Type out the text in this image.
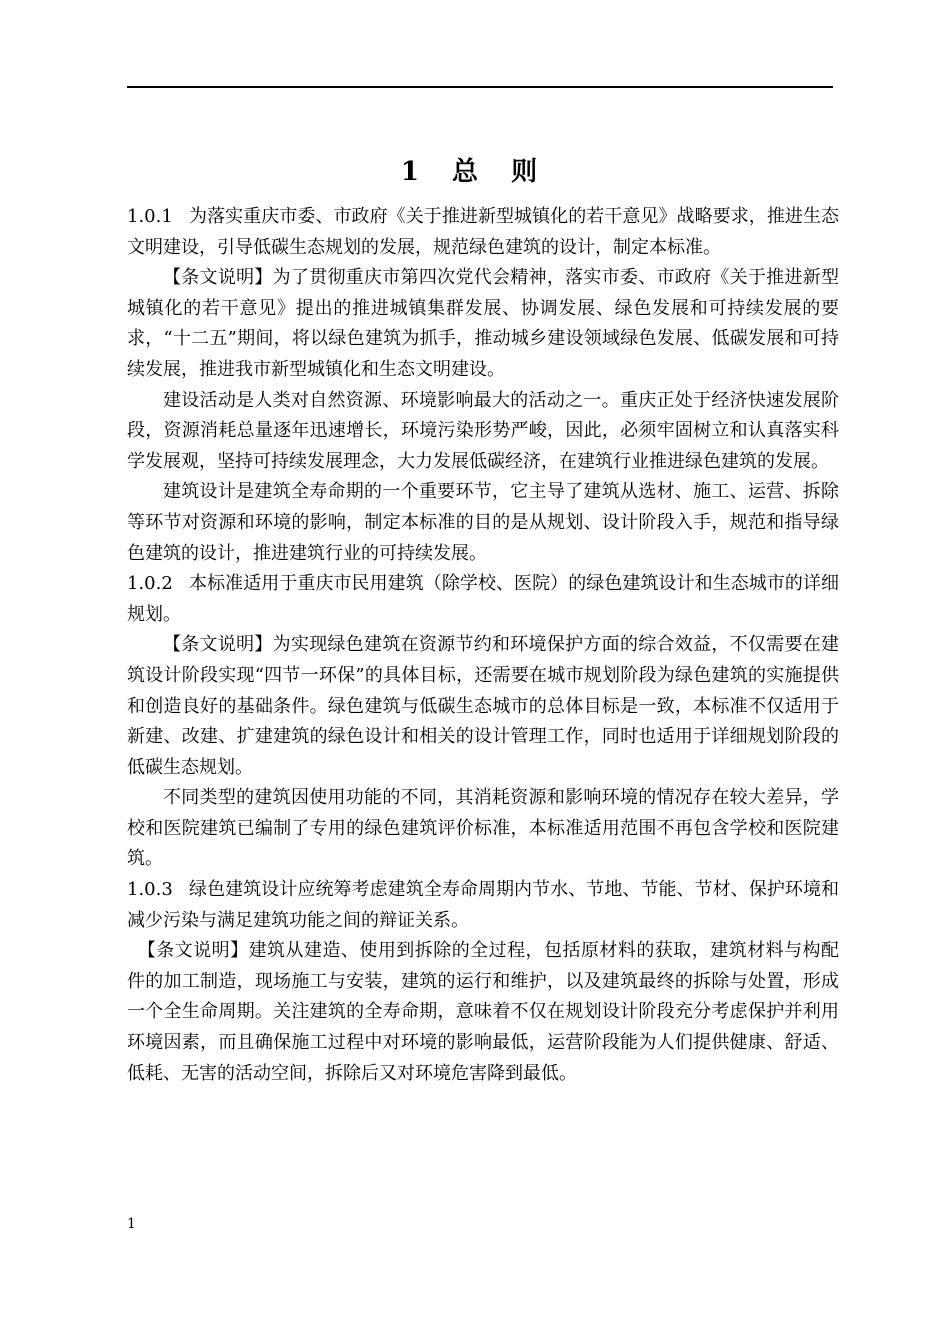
1 总 则

1.0.1 为落实重庆市委、市政府《关于推进新型城镇化的若干意见》战略要求，推进生态文明建设，引导低碳生态规划的发展，规范绿色建筑的设计，制定本标准。

【条文说明】为了贯彻重庆市第四次党代会精神，落实市委、市政府《关于推进新型城镇化的若干意见》提出的推进城镇集群发展、协调发展、绿色发展和可持续发展的要求，“十二五”期间，将以绿色建筑为抓手，推动城乡建设领域绿色发展、低碳发展和可持续发展，推进我市新型城镇化和生态文明建设。

建设活动是人类对自然资源、环境影响最大的活动之一。重庆正处于经济快速发展阶段，资源消耗总量逐年迅速增长，环境污染形势严峻，因此，必须牢固树立和认真落实科学发展观，坚持可持续发展理念，大力发展低碳经济，在建筑行业推进绿色建筑的发展。

建筑设计是建筑全寿命期的一个重要环节，它主导了建筑从选材、施工、运营、拆除等环节对资源和环境的影响，制定本标准的目的是从规划、设计阶段入手，规范和指导绿色建筑的设计，推进建筑行业的可持续发展。

1.0.2 本标准适用于重庆市民用建筑（除学校、医院）的绿色建筑设计和生态城市的详细规划。

【条文说明】为实现绿色建筑在资源节约和环境保护方面的综合效益，不仅需要在建筑设计阶段实现“四节一环保”的具体目标，还需要在城市规划阶段为绿色建筑的实施提供和创造良好的基础条件。绿色建筑与低碳生态城市的总体目标是一致，本标准不仅适用于新建、改建、扩建建筑的绿色设计和相关的设计管理工作，同时也适用于详细规划阶段的低碳生态规划。

不同类型的建筑因使用功能的不同，其消耗资源和影响环境的情况存在较大差异，学校和医院建筑已编制了专用的绿色建筑评价标准，本标准适用范围不再包含学校和医院建筑。

1.0.3 绿色建筑设计应统筹考虑建筑全寿命周期内节水、节地、节能、节材、保护环境和减少污染与满足建筑功能之间的辩证关系。

【条文说明】建筑从建造、使用到拆除的全过程，包括原材料的获取，建筑材料与构配件的加工制造，现场施工与安装，建筑的运行和维护，以及建筑最终的拆除与处置，形成一个全生命周期。关注建筑的全寿命期，意味着不仅在规划设计阶段充分考虑保护并利用环境因素，而且确保施工过程中对环境的影响最低，运营阶段能为人们提供健康、舒适、低耗、无害的活动空间，拆除后又对环境危害降到最低。

1
